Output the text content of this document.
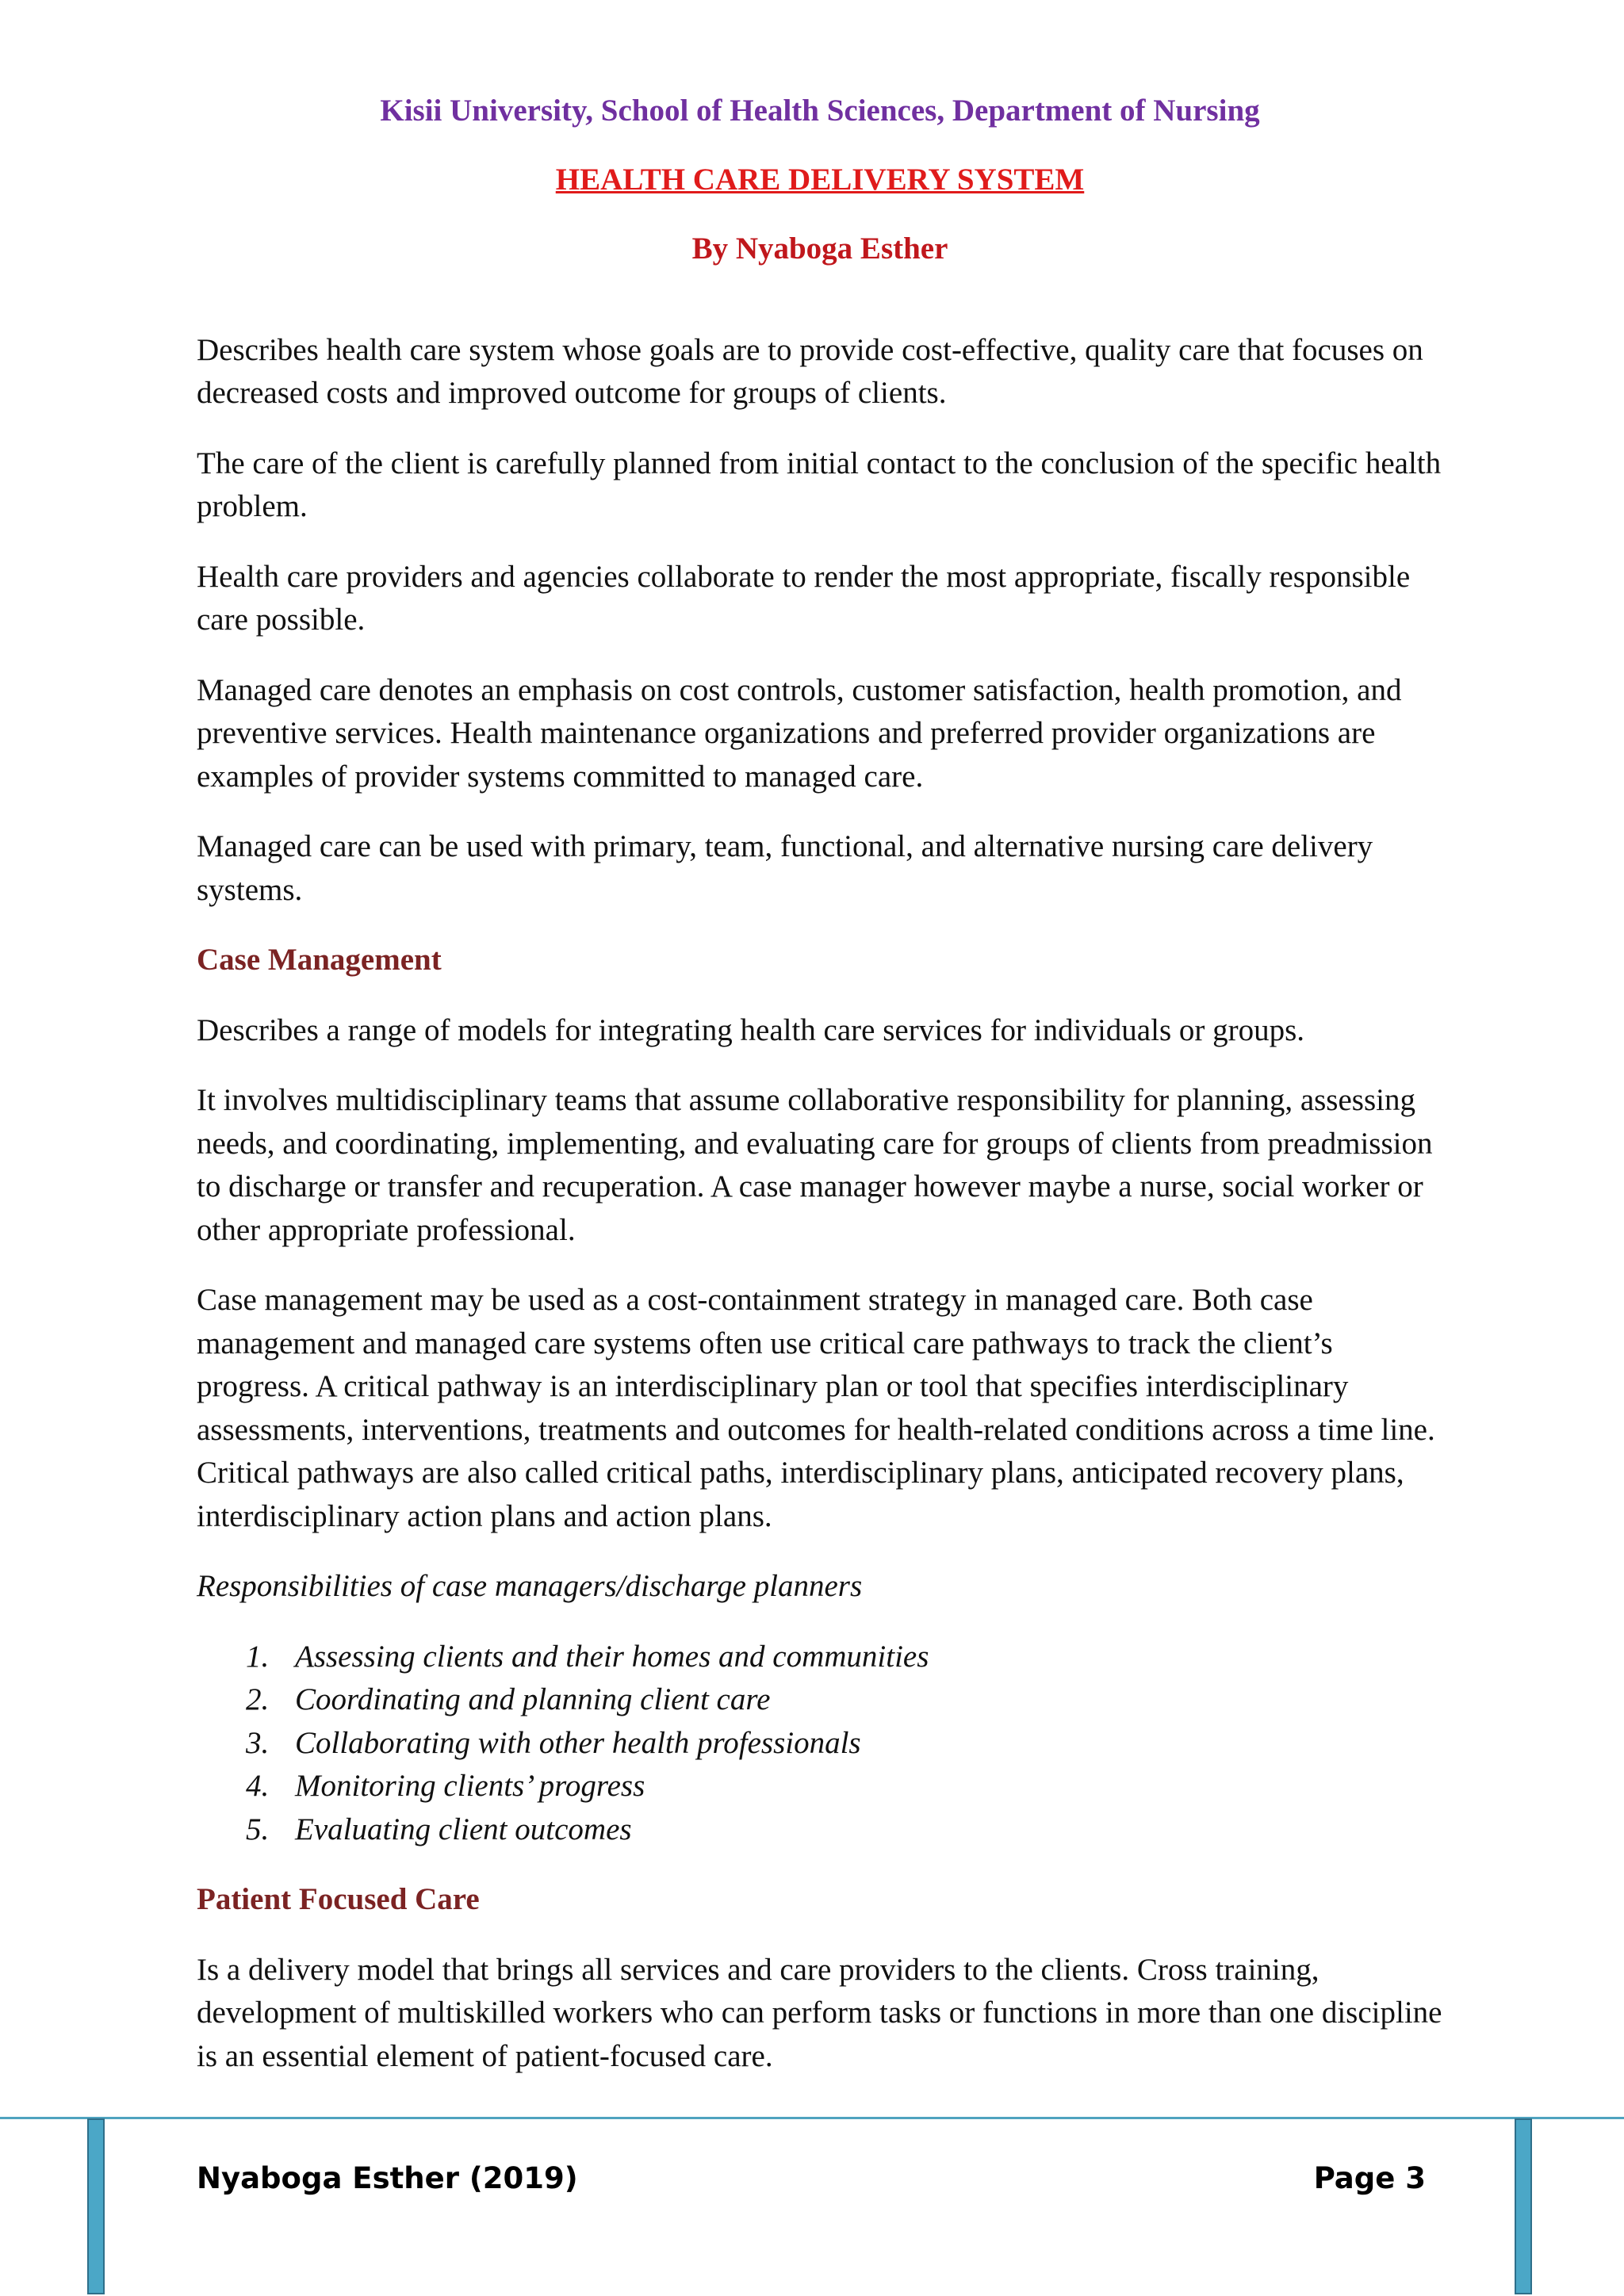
Kisii University, School of Health Sciences, Department of Nursing
HEALTH CARE DELIVERY SYSTEM
By Nyaboga Esther

Describes health care system whose goals are to provide cost-effective, quality care that focuses on decreased costs and improved outcome for groups of clients.

The care of the client is carefully planned from initial contact to the conclusion of the specific health problem.

Health care providers and agencies collaborate to render the most appropriate, fiscally responsible care possible.

Managed care denotes an emphasis on cost controls, customer satisfaction, health promotion, and preventive services. Health maintenance organizations and preferred provider organizations are examples of provider systems committed to managed care.

Managed care can be used with primary, team, functional, and alternative nursing care delivery systems.

Case Management

Describes a range of models for integrating health care services for individuals or groups.

It involves multidisciplinary teams that assume collaborative responsibility for planning, assessing needs, and coordinating, implementing, and evaluating care for groups of clients from preadmission to discharge or transfer and recuperation. A case manager however maybe a nurse, social worker or other appropriate professional.

Case management may be used as a cost-containment strategy in managed care. Both case management and managed care systems often use critical care pathways to track the client’s progress. A critical pathway is an interdisciplinary plan or tool that specifies interdisciplinary assessments, interventions, treatments and outcomes for health-related conditions across a time line. Critical pathways are also called critical paths, interdisciplinary plans, anticipated recovery plans, interdisciplinary action plans and action plans.

Responsibilities of case managers/discharge planners

1. Assessing clients and their homes and communities
2. Coordinating and planning client care
3. Collaborating with other health professionals
4. Monitoring clients’ progress
5. Evaluating client outcomes
Patient Focused Care

Is a delivery model that brings all services and care providers to the clients. Cross training, development of multiskilled workers who can perform tasks or functions in more than one discipline is an essential element of patient-focused care.

Nyaboga Esther (2019)	Page 3
